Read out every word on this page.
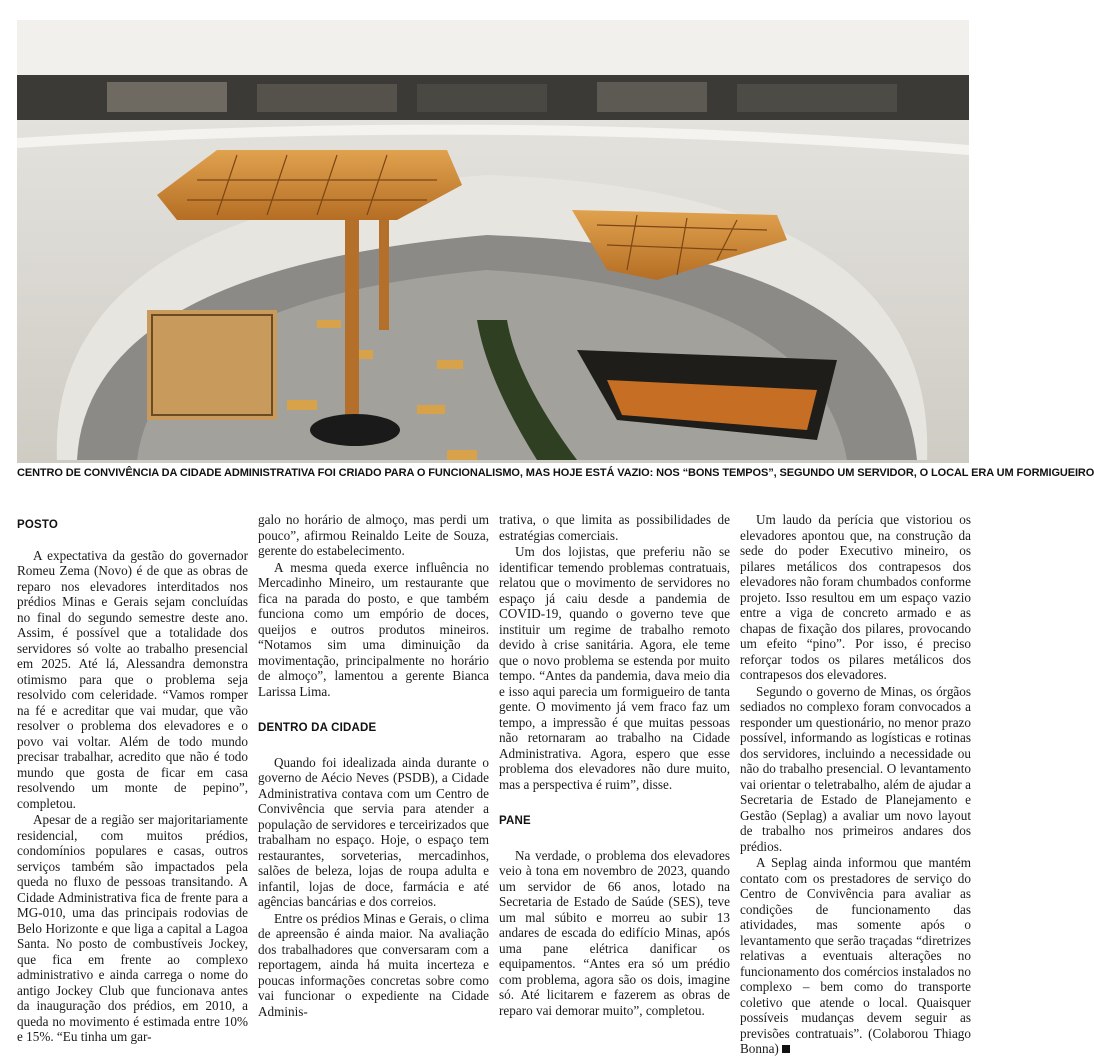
CENTRO DE CONVIVÊNCIA DA CIDADE ADMINISTRATIVA FOI CRIADO PARA O FUNCIONALISMO, MAS HOJE ESTÁ VAZIO: NOS “BONS TEMPOS”, SEGUNDO UM SERVIDOR, O LOCAL ERA UM FORMIGUEIRO
POSTO

A expectativa da gestão do governador Romeu Zema (Novo) é de que as obras de reparo nos elevadores interditados nos prédios Minas e Gerais sejam concluídas no final do segundo semestre deste ano. Assim, é possível que a totalidade dos servidores só volte ao trabalho presencial em 2025. Até lá, Alessandra demonstra otimismo para que o problema seja resolvido com celeridade. “Vamos romper na fé e acreditar que vai mudar, que vão resolver o problema dos elevadores e o povo vai voltar. Além de todo mundo precisar trabalhar, acredito que não é todo mundo que gosta de ficar em casa resolvendo um monte de pepino”, completou.

Apesar de a região ser majoritariamente residencial, com muitos prédios, condomínios populares e casas, outros serviços também são impactados pela queda no fluxo de pessoas transitando. A Cidade Administrativa fica de frente para a MG-010, uma das principais rodovias de Belo Horizonte e que liga a capital a Lagoa Santa. No posto de combustíveis Jockey, que fica em frente ao complexo administrativo e ainda carrega o nome do antigo Jockey Club que funcionava antes da inauguração dos prédios, em 2010, a queda no movimento é estimada entre 10% e 15%. “Eu tinha um gar-

galo no horário de almoço, mas perdi um pouco”, afirmou Reinaldo Leite de Souza, gerente do estabelecimento.

A mesma queda exerce influência no Mercadinho Mineiro, um restaurante que fica na parada do posto, e que também funciona como um empório de doces, queijos e outros produtos mineiros. “Notamos sim uma diminuição da movimentação, principalmente no horário de almoço”, lamentou a gerente Bianca Larissa Lima.

DENTRO DA CIDADE

Quando foi idealizada ainda durante o governo de Aécio Neves (PSDB), a Cidade Administrativa contava com um Centro de Convivência que servia para atender a população de servidores e terceirizados que trabalham no espaço. Hoje, o espaço tem restaurantes, sorveterias, mercadinhos, salões de beleza, lojas de roupa adulta e infantil, lojas de doce, farmácia e até agências bancárias e dos correios.

Entre os prédios Minas e Gerais, o clima de apreensão é ainda maior. Na avaliação dos trabalhadores que conversaram com a reportagem, ainda há muita incerteza e poucas informações concretas sobre como vai funcionar o expediente na Cidade Adminis-

trativa, o que limita as possibilidades de estratégias comerciais.

Um dos lojistas, que preferiu não se identificar temendo problemas contratuais, relatou que o movimento de servidores no espaço já caiu desde a pandemia de COVID-19, quando o governo teve que instituir um regime de trabalho remoto devido à crise sanitária. Agora, ele teme que o novo problema se estenda por muito tempo. “Antes da pandemia, dava meio dia e isso aqui parecia um formigueiro de tanta gente. O movimento já vem fraco faz um tempo, a impressão é que muitas pessoas não retornaram ao trabalho na Cidade Administrativa. Agora, espero que esse problema dos elevadores não dure muito, mas a perspectiva é ruim”, disse.

PANE

Na verdade, o problema dos elevadores veio à tona em novembro de 2023, quando um servidor de 66 anos, lotado na Secretaria de Estado de Saúde (SES), teve um mal súbito e morreu ao subir 13 andares de escada do edifício Minas, após uma pane elétrica danificar os equipamentos. “Antes era só um prédio com problema, agora são os dois, imagine só. Até licitarem e fazerem as obras de reparo vai demorar muito”, completou.

Um laudo da perícia que vistoriou os elevadores apontou que, na construção da sede do poder Executivo mineiro, os pilares metálicos dos contrapesos dos elevadores não foram chumbados conforme projeto. Isso resultou em um espaço vazio entre a viga de concreto armado e as chapas de fixação dos pilares, provocando um efeito “pino”. Por isso, é preciso reforçar todos os pilares metálicos dos contrapesos dos elevadores.

Segundo o governo de Minas, os órgãos sediados no complexo foram convocados a responder um questionário, no menor prazo possível, informando as logísticas e rotinas dos servidores, incluindo a necessidade ou não do trabalho presencial. O levantamento vai orientar o teletrabalho, além de ajudar a Secretaria de Estado de Planejamento e Gestão (Seplag) a avaliar um novo layout de trabalho nos primeiros andares dos prédios.

A Seplag ainda informou que mantém contato com os prestadores de serviço do Centro de Convivência para avaliar as condições de funcionamento das atividades, mas somente após o levantamento que serão traçadas “diretrizes relativas a eventuais alterações no funcionamento dos comércios instalados no complexo – bem como do transporte coletivo que atende o local. Quaisquer possíveis mudanças devem seguir as previsões contratuais”. (Colaborou Thiago Bonna)
